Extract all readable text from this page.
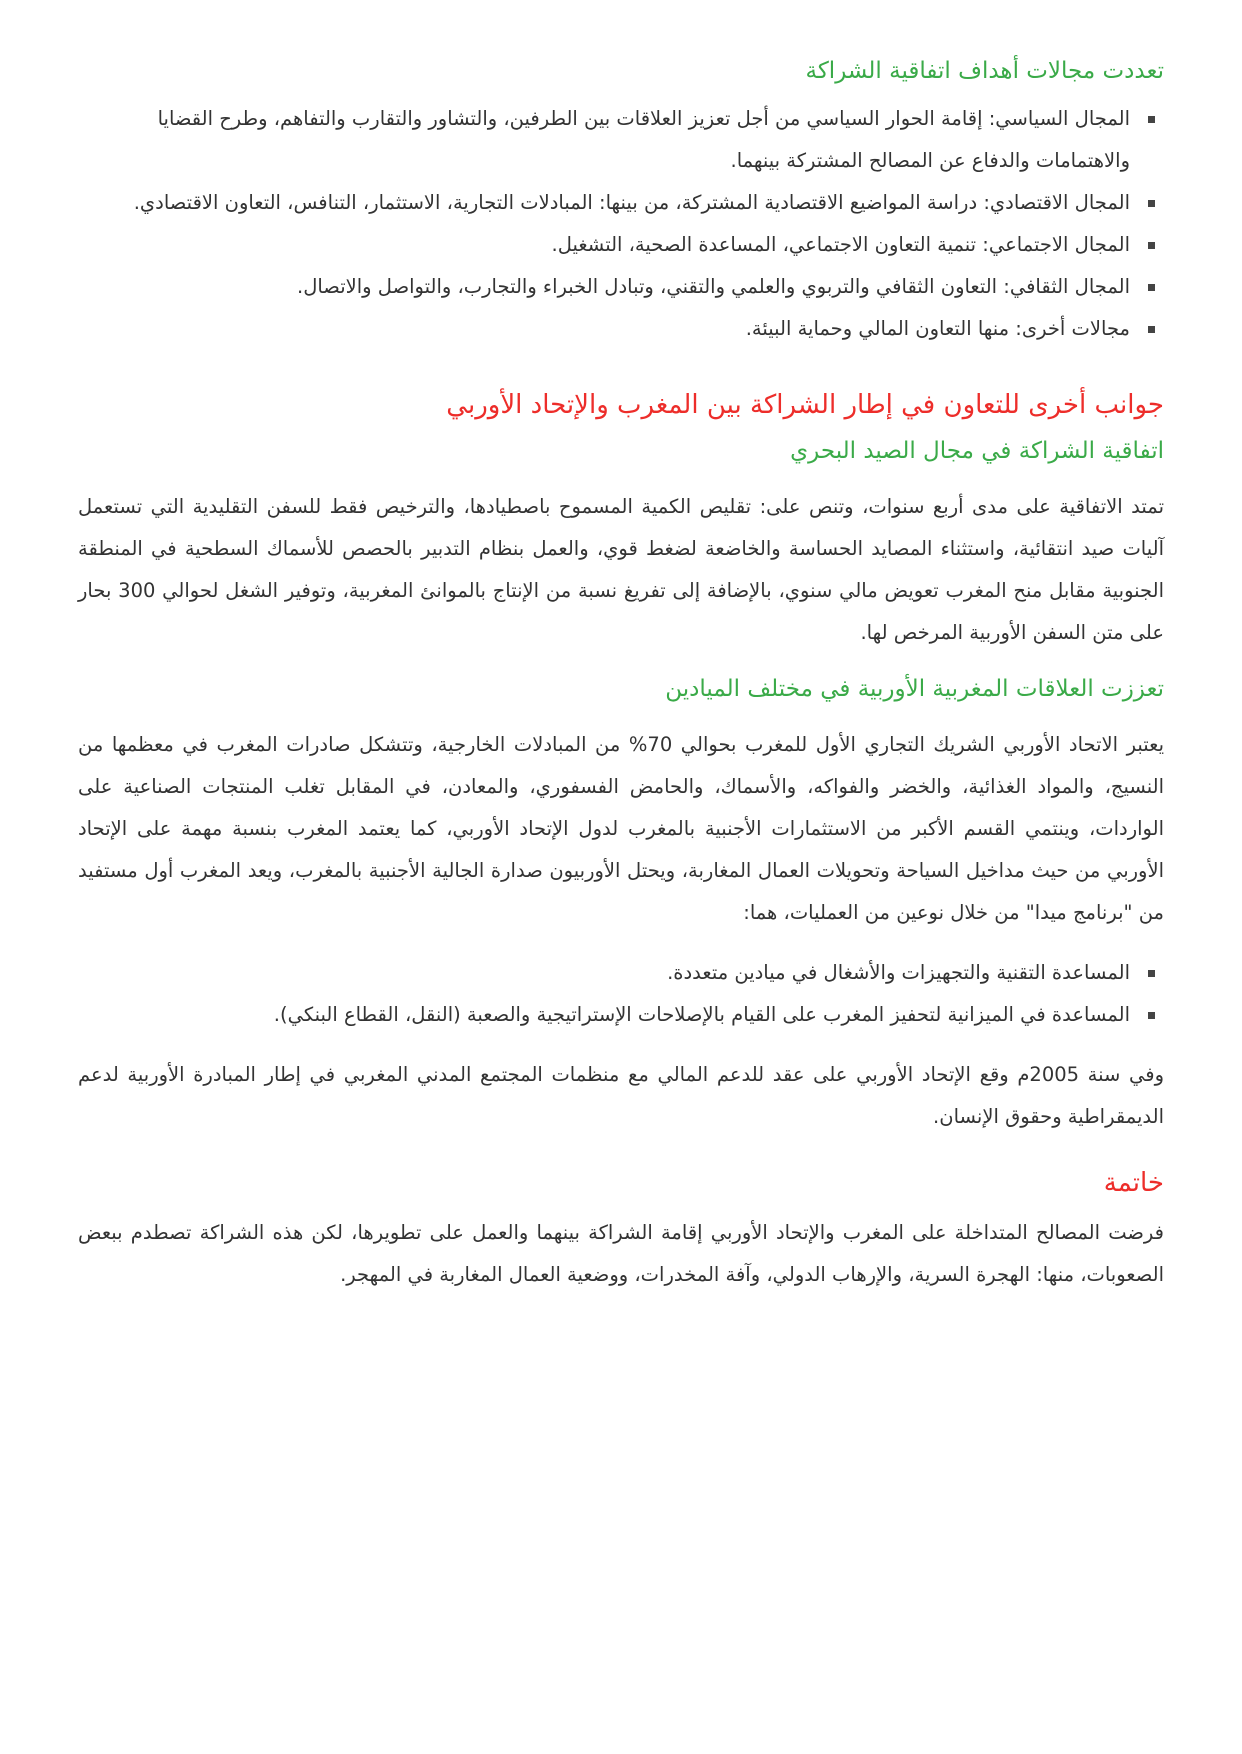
تعددت مجالات أهداف اتفاقية الشراكة
المجال السياسي: إقامة الحوار السياسي من أجل تعزيز العلاقات بين الطرفين، والتشاور والتقارب والتفاهم، وطرح القضايا والاهتمامات والدفاع عن المصالح المشتركة بينهما.
المجال الاقتصادي: دراسة المواضيع الاقتصادية المشتركة، من بينها: المبادلات التجارية، الاستثمار، التنافس، التعاون الاقتصادي.
المجال الاجتماعي: تنمية التعاون الاجتماعي، المساعدة الصحية، التشغيل.
المجال الثقافي: التعاون الثقافي والتربوي والعلمي والتقني، وتبادل الخبراء والتجارب، والتواصل والاتصال.
مجالات أخرى: منها التعاون المالي وحماية البيئة.
جوانب أخرى للتعاون في إطار الشراكة بين المغرب والإتحاد الأوربي
اتفاقية الشراكة في مجال الصيد البحري

تمتد الاتفاقية على مدى أربع سنوات، وتنص على: تقليص الكمية المسموح باصطيادها، والترخيص فقط للسفن التقليدية التي تستعمل آليات صيد انتقائية، واستثناء المصايد الحساسة والخاضعة لضغط قوي، والعمل بنظام التدبير بالحصص للأسماك السطحية في المنطقة الجنوبية مقابل منح المغرب تعويض مالي سنوي، بالإضافة إلى تفريغ نسبة من الإنتاج بالموانئ المغربية، وتوفير الشغل لحوالي 300 بحار على متن السفن الأوربية المرخص لها.

تعززت العلاقات المغربية الأوربية في مختلف الميادين

يعتبر الاتحاد الأوربي الشريك التجاري الأول للمغرب بحوالي 70% من المبادلات الخارجية، وتتشكل صادرات المغرب في معظمها من النسيج، والمواد الغذائية، والخضر والفواكه، والأسماك، والحامض الفسفوري، والمعادن، في المقابل تغلب المنتجات الصناعية على الواردات، وينتمي القسم الأكبر من الاستثمارات الأجنبية بالمغرب لدول الإتحاد الأوربي، كما يعتمد المغرب بنسبة مهمة على الإتحاد الأوربي من حيث مداخيل السياحة وتحويلات العمال المغاربة، ويحتل الأوربيون صدارة الجالية الأجنبية بالمغرب، ويعد المغرب أول مستفيد من "برنامج ميدا" من خلال نوعين من العمليات، هما:

المساعدة التقنية والتجهيزات والأشغال في ميادين متعددة.
المساعدة في الميزانية لتحفيز المغرب على القيام بالإصلاحات الإستراتيجية والصعبة (النقل، القطاع البنكي).

وفي سنة 2005م وقع الإتحاد الأوربي على عقد للدعم المالي مع منظمات المجتمع المدني المغربي في إطار المبادرة الأوربية لدعم الديمقراطية وحقوق الإنسان.

خاتمة

فرضت المصالح المتداخلة على المغرب والإتحاد الأوربي إقامة الشراكة بينهما والعمل على تطويرها، لكن هذه الشراكة تصطدم ببعض الصعوبات، منها: الهجرة السرية، والإرهاب الدولي، وآفة المخدرات، ووضعية العمال المغاربة في المهجر.
